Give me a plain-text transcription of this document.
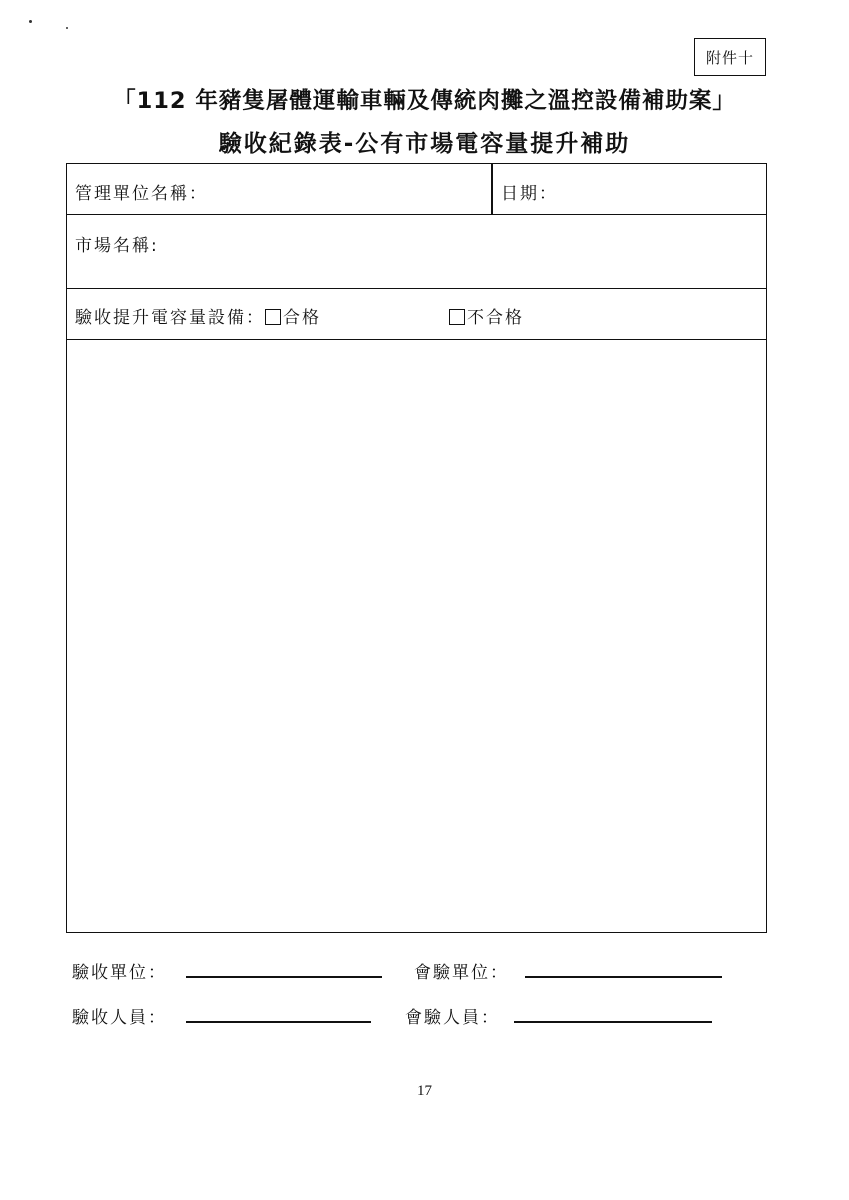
附件十
「112 年豬隻屠體運輸車輛及傳統肉攤之溫控設備補助案」
驗收紀錄表-公有市場電容量提升補助
管理單位名稱：	日期：
市場名稱:
驗收提升電容量設備： 合格	不合格
驗收單位：	會驗單位：
驗收人員：	會驗人員：
17
